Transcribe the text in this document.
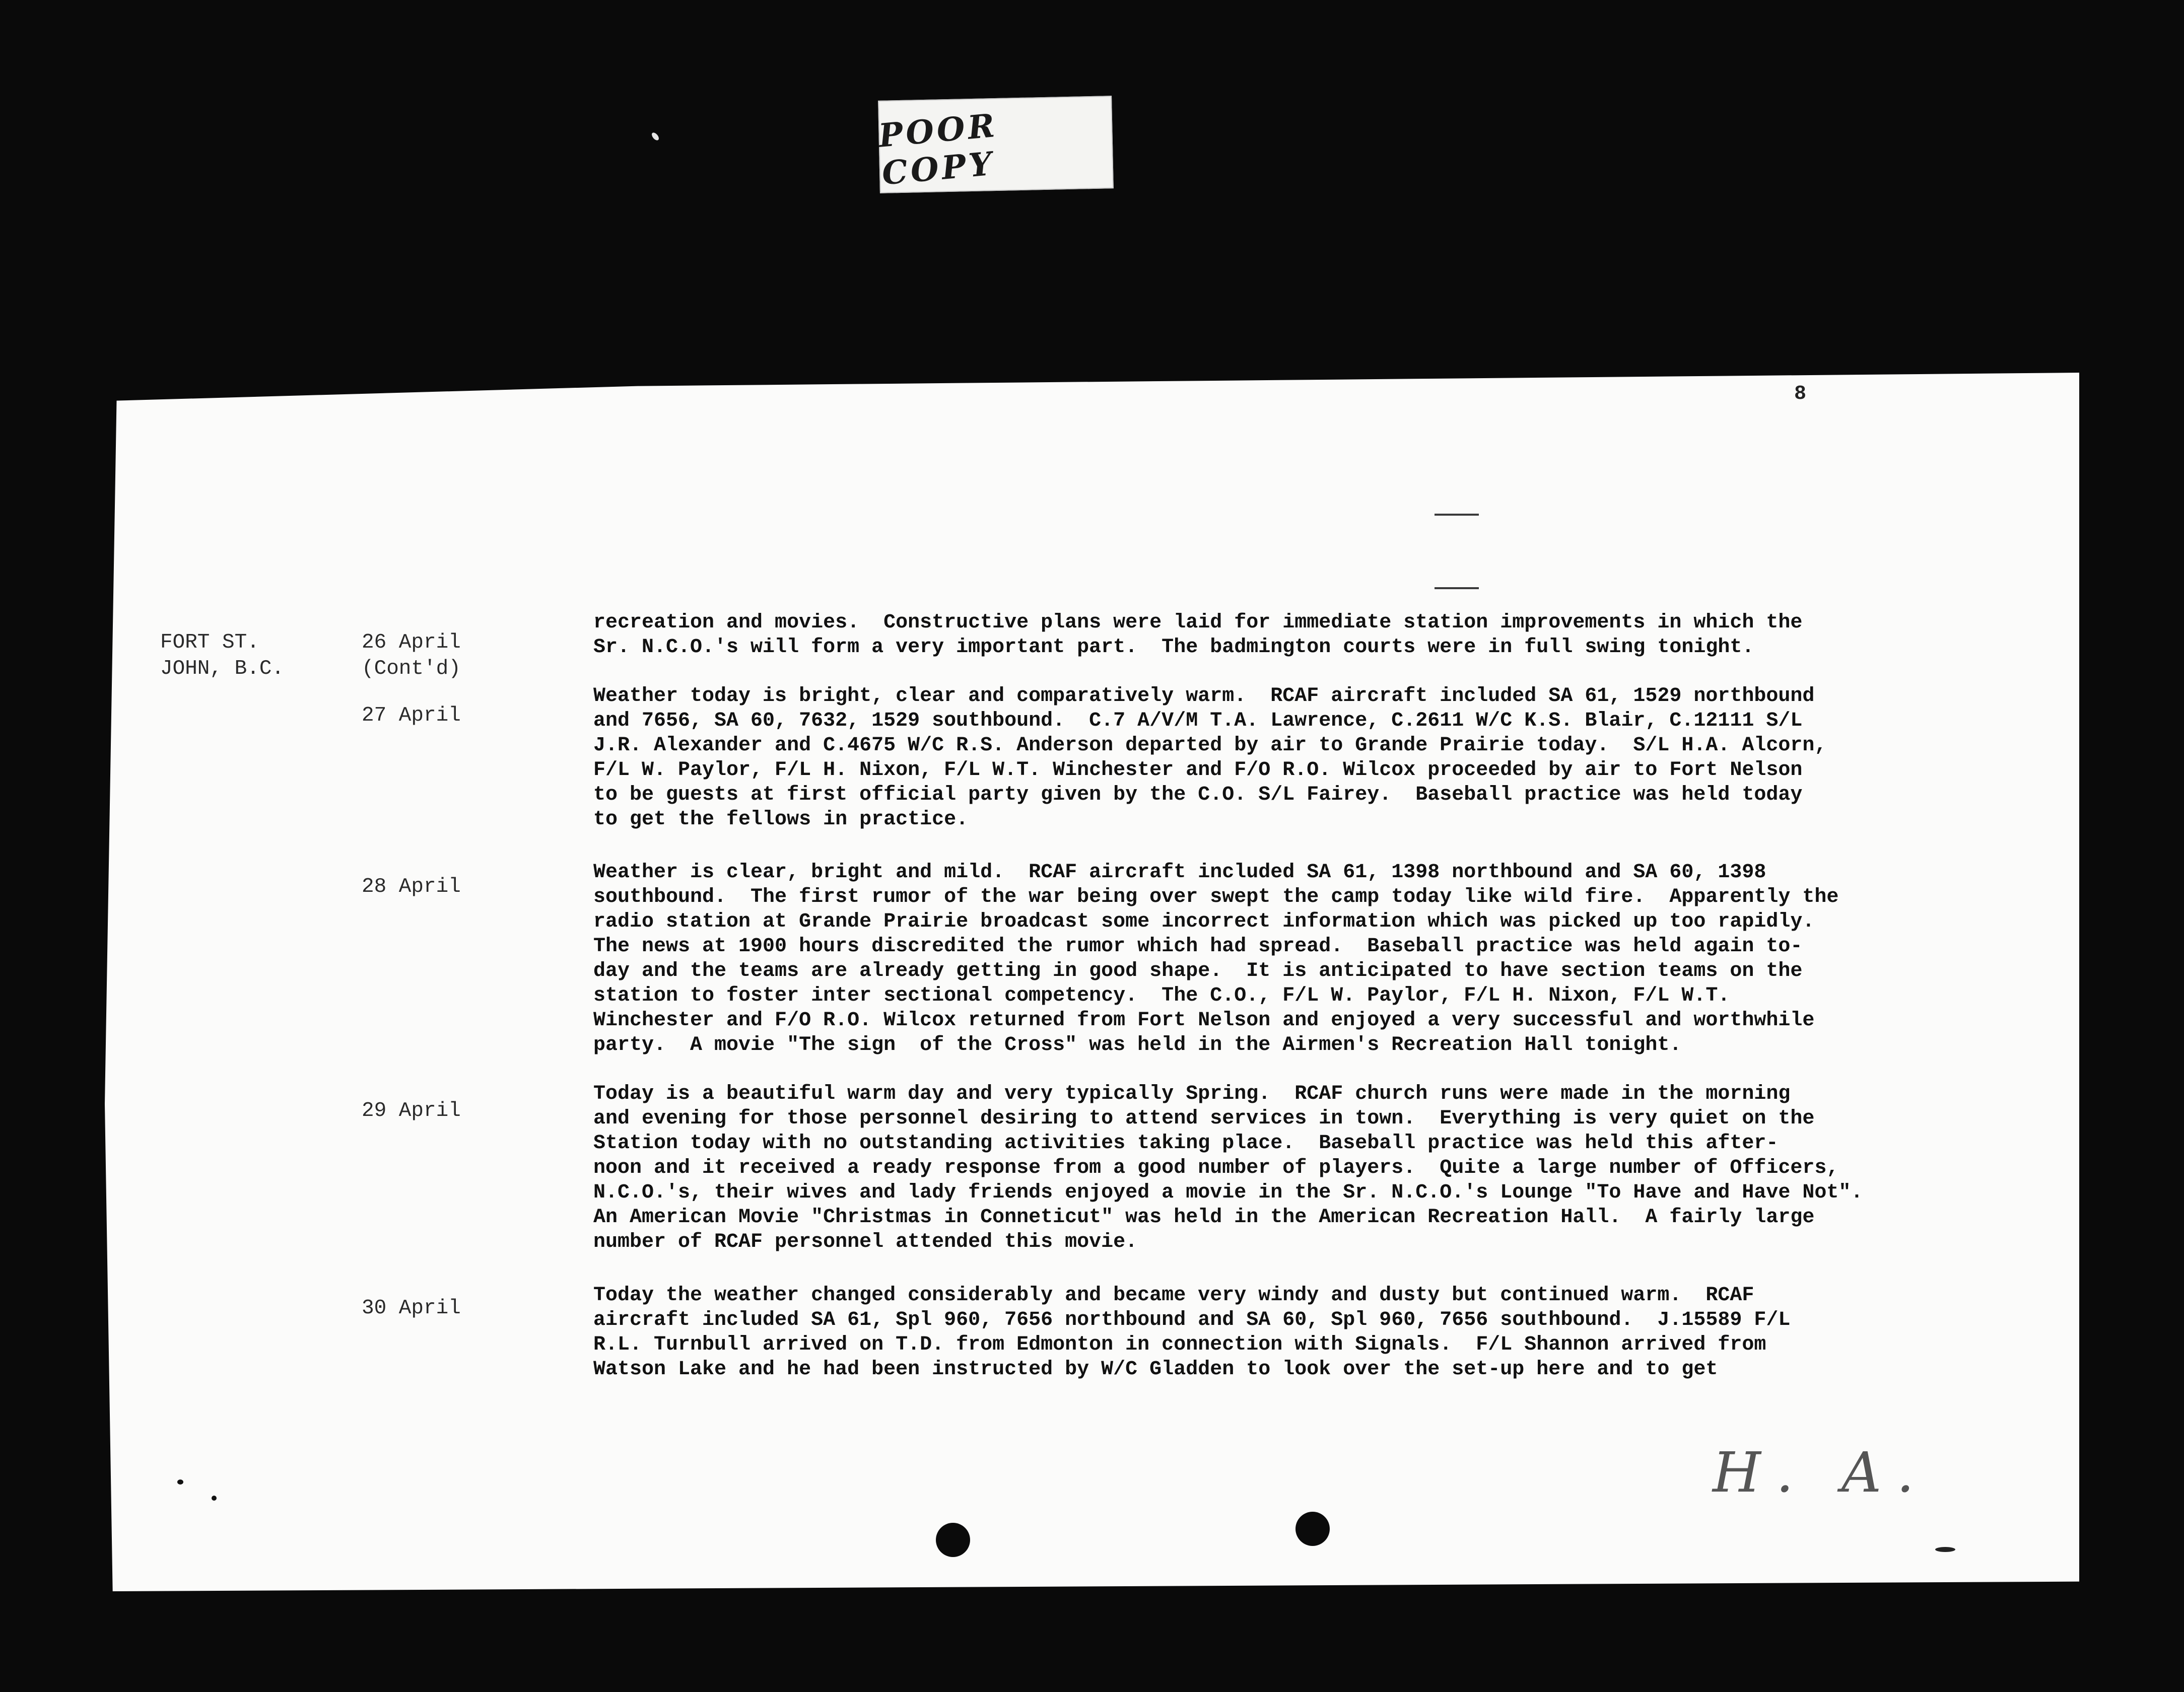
POOR COPY
8
FORT ST.
JOHN, B.C.
26 April
(Cont'd)
recreation and movies.  Constructive plans were laid for immediate station improvements in which the
Sr. N.C.O.'s will form a very important part.  The badmington courts were in full swing tonight.
27 April
Weather today is bright, clear and comparatively warm.  RCAF aircraft included SA 61, 1529 northbound
and 7656, SA 60, 7632, 1529 southbound.  C.7 A/V/M T.A. Lawrence, C.2611 W/C K.S. Blair, C.12111 S/L
J.R. Alexander and C.4675 W/C R.S. Anderson departed by air to Grande Prairie today.  S/L H.A. Alcorn,
F/L W. Paylor, F/L H. Nixon, F/L W.T. Winchester and F/O R.O. Wilcox proceeded by air to Fort Nelson
to be guests at first official party given by the C.O. S/L Fairey.  Baseball practice was held today
to get the fellows in practice.
28 April
Weather is clear, bright and mild.  RCAF aircraft included SA 61, 1398 northbound and SA 60, 1398
southbound.  The first rumor of the war being over swept the camp today like wild fire.  Apparently the
radio station at Grande Prairie broadcast some incorrect information which was picked up too rapidly.
The news at 1900 hours discredited the rumor which had spread.  Baseball practice was held again to-
day and the teams are already getting in good shape.  It is anticipated to have section teams on the
station to foster inter sectional competency.  The C.O., F/L W. Paylor, F/L H. Nixon, F/L W.T.
Winchester and F/O R.O. Wilcox returned from Fort Nelson and enjoyed a very successful and worthwhile
party.  A movie "The sign  of the Cross" was held in the Airmen's Recreation Hall tonight.
29 April
Today is a beautiful warm day and very typically Spring.  RCAF church runs were made in the morning
and evening for those personnel desiring to attend services in town.  Everything is very quiet on the
Station today with no outstanding activities taking place.  Baseball practice was held this after-
noon and it received a ready response from a good number of players.  Quite a large number of Officers,
N.C.O.'s, their wives and lady friends enjoyed a movie in the Sr. N.C.O.'s Lounge "To Have and Have Not".
An American Movie "Christmas in Conneticut" was held in the American Recreation Hall.  A fairly large
number of RCAF personnel attended this movie.
30 April
Today the weather changed considerably and became very windy and dusty but continued warm.  RCAF
aircraft included SA 61, Spl 960, 7656 northbound and SA 60, Spl 960, 7656 southbound.  J.15589 F/L
R.L. Turnbull arrived on T.D. from Edmonton in connection with Signals.  F/L Shannon arrived from
Watson Lake and he had been instructed by W/C Gladden to look over the set-up here and to get
H. A.
